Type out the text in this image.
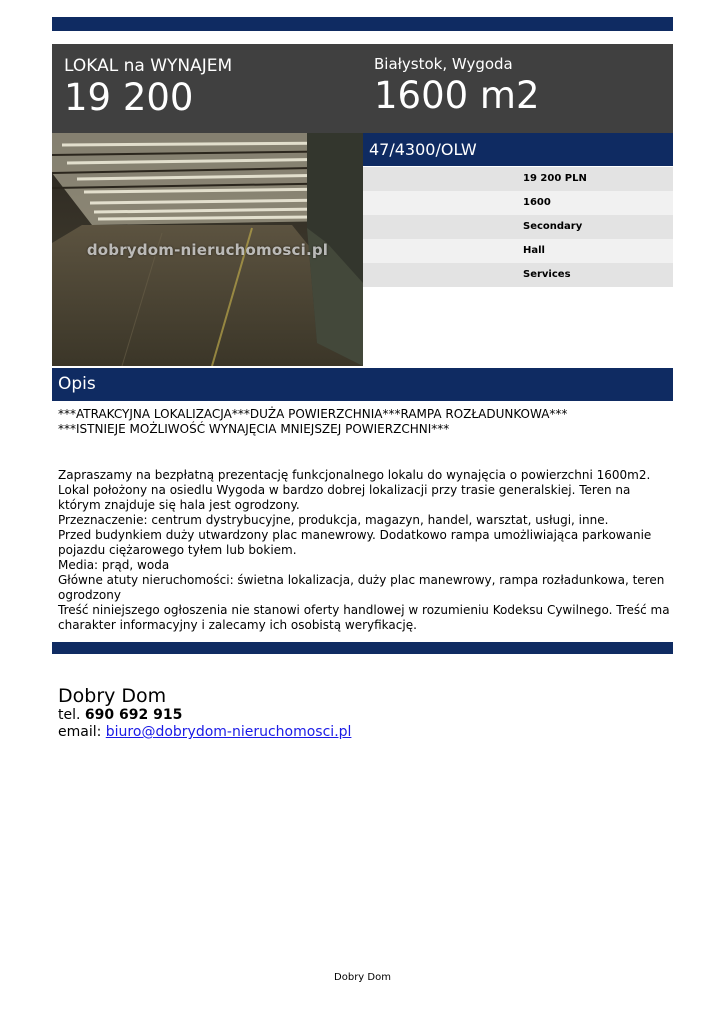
LOKAL na WYNAJEM
19 200
Białystok, Wygoda
1600 m2
dobrydom-nieruchomosci.pl
47/4300/OLW
19 200 PLN
1600
Secondary
Hall
Services
Opis

***ATRAKCYJNA LOKALIZACJA***DUŻA POWIERZCHNIA***RAMPA ROZŁADUNKOWA***

***ISTNIEJE MOŻLIWOŚĆ WYNAJĘCIA MNIEJSZEJ POWIERZCHNI***

Zapraszamy na bezpłatną prezentację funkcjonalnego lokalu do wynajęcia o powierzchni 1600m2. Lokal położony na osiedlu Wygoda w bardzo dobrej lokalizacji przy trasie generalskiej. Teren na którym znajduje się hala jest ogrodzony.

Przeznaczenie: centrum dystrybucyjne, produkcja, magazyn, handel, warsztat, usługi, inne.

Przed budynkiem duży utwardzony plac manewrowy. Dodatkowo rampa umożliwiająca parkowanie pojazdu ciężarowego tyłem lub bokiem.

Media: prąd, woda

Główne atuty nieruchomości: świetna lokalizacja, duży plac manewrowy, rampa rozładunkowa, teren ogrodzony

Treść niniejszego ogłoszenia nie stanowi oferty handlowej w rozumieniu Kodeksu Cywilnego. Treść ma charakter informacyjny i zalecamy ich osobistą weryfikację.

Dobry Dom
tel. 690 692 915
email: biuro@dobrydom-nieruchomosci.pl
Dobry Dom
